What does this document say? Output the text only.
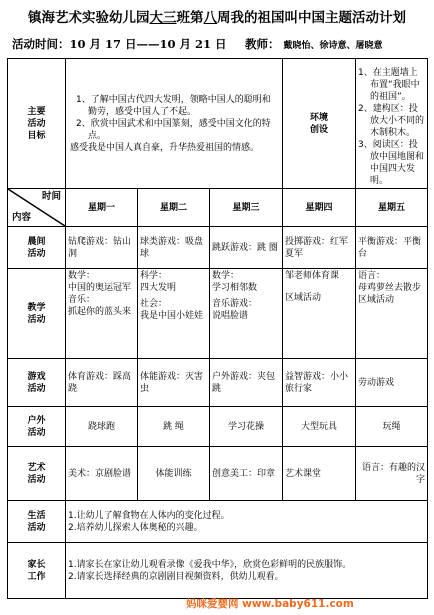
镇海艺术实验幼儿园大三班第八周我的祖国叫中国主题活动计划
活动时间：10 月 17 日——10 月 21 日 教师： 戴晓怡、徐诗意、屠晓意
主要
活动
目标	1、了解中国古代四大发明，领略中国人的聪明和勤劳，感受中国人了不起。
2、欣赏中国武术和中国篆刻，感受中国文化的特点。
感受我是中国人真自豪，升华热爱祖国的情感。			环境
创设	1、在主题墙上布置“我眼中的祖国”。
2、建构区：投放大小不同的木制积木。
3、阅读区：投放中国地图和中国四大发明。

时间
内容	星期一	星期二	星期三	星期四	星期五

晨间
活动	钻爬游戏：钻山洞	球类游戏：吸盘球	跳跃游戏：跳 圈	投掷游戏：红军夏军	平衡游戏：平衡台

教学
活动	数学：
中国的奥运冠军
音乐：
抓起你的蓝头来	科学：
四大发明
社会：
我是中国小娃娃	数学：
学习相邻数
音乐游戏：
说唱脸谱	邹老师体育课
区域活动	语言：
母鸡萝丝去散步
区域活动

游戏
活动	体育游戏：踩高跷	体能游戏：灭害虫	户外游戏：夹包跳	益智游戏：小小旅行家	劳动游戏

户外
活动	跷球跑	跳 绳	学习花操	大型玩具	玩绳

艺术
活动	美术：京剧脸谱	体能训练	创意美工：印章	艺术课堂	语言：有趣的汉字

生活
活动	1.让幼儿了解食物在人体内的变化过程。
2.培养幼儿探索人体奥秘的兴趣。				

家长
工作	1.请家长在家让幼儿观看录像《爱我中华》，欣赏色彩鲜明的民族服饰。
2.请家长选择经典的京剧剧目视频资料，供幼儿观看。				
妈咪爱婴网 www.baby611.com
